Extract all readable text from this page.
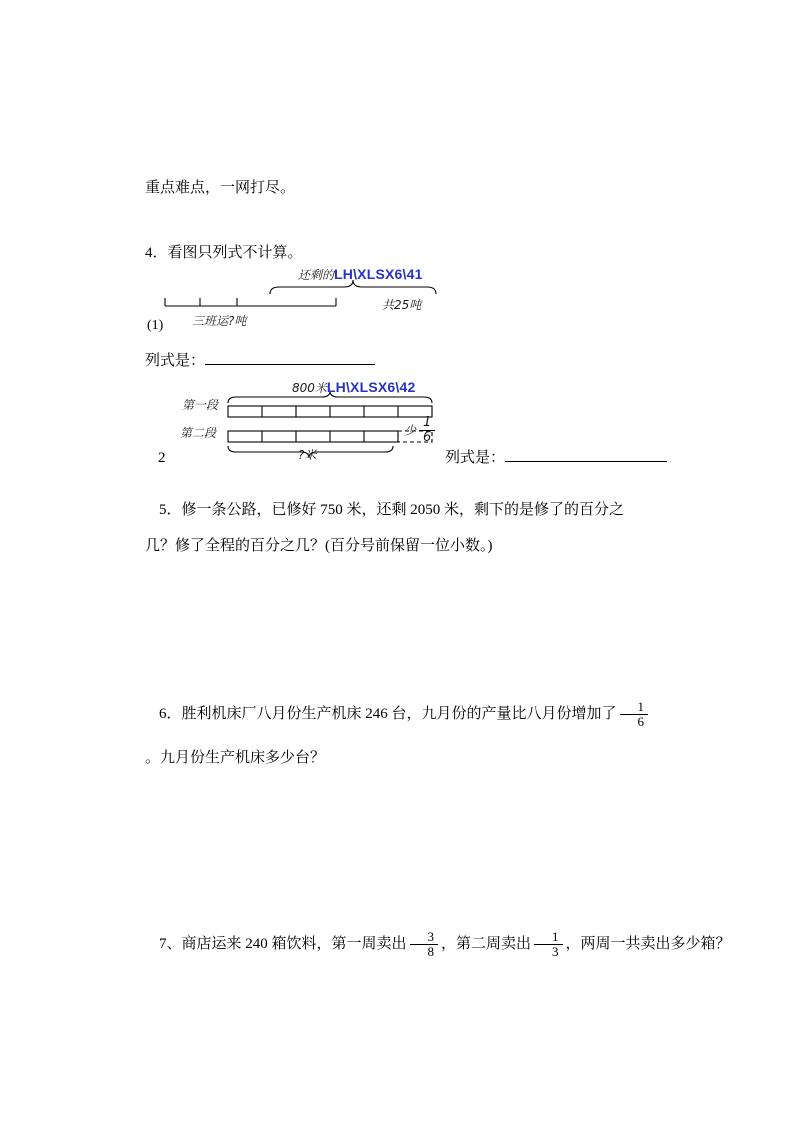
重点难点，一网打尽。
4．看图只列式不计算。
还剩的LH\XLSX6\41
共25吨
三班运?吨
(1)
列式是：
800米LH\XLSX6\42
第一段
第二段	少 $\frac{1}{6}$
?米
2	列式是：
5．修一条公路，已修好 750 米，还剩 2050 米，剩下的是修了的百分之几？修了全程的百分之几？(百分号前保留一位小数。)
6．胜利机床厂八月份生产机床 246 台，九月份的产量比八月份增加了 $\frac{1}{6}$
。九月份生产机床多少台？
7、商店运来 240 箱饮料，第一周卖出 $\frac{3}{8}$ ，第二周卖出 $\frac{1}{3}$ ，两周一共卖出多少箱？
